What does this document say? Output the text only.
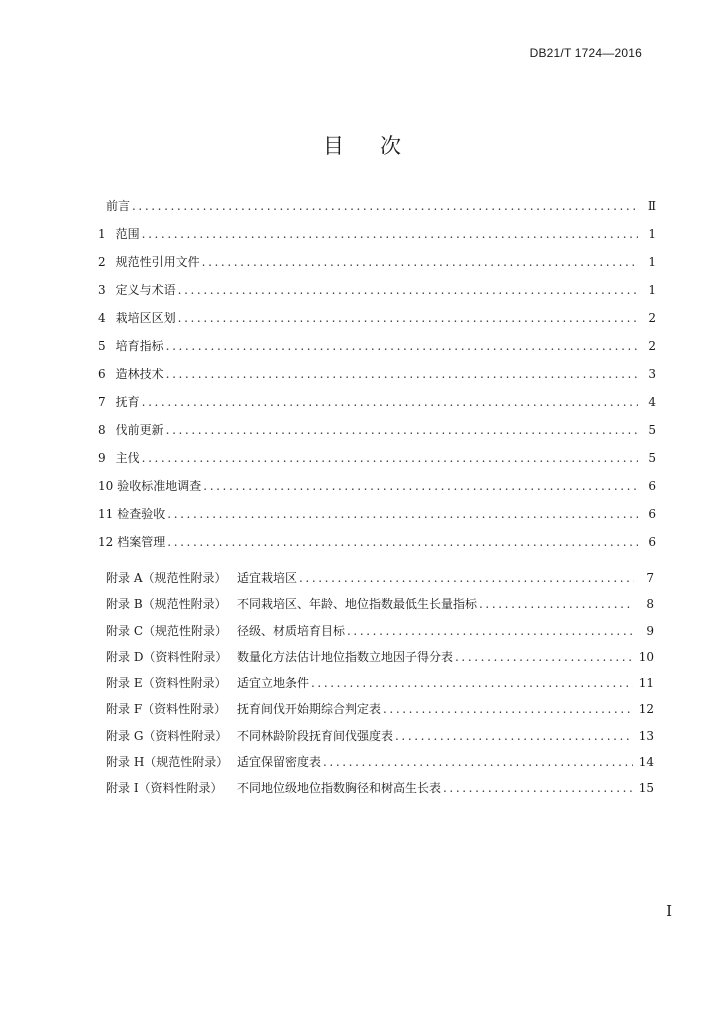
DB21/T 1724—2016
目 次
前言 .....	Ⅱ
1 范围 .....	1
2 规范性引用文件 .....	1
3 定义与术语 .....	1
4 栽培区区划 .....	2
5 培育指标 .....	2
6 造林技术 .....	3
7 抚育 .....	4
8 伐前更新 .....	5
9 主伐 .....	5
10 验收标准地调查 .....	6
11 检查验收 .....	6
12 档案管理 .....	6
附录 A（规范性附录） 适宜栽培区 .....	7
附录 B（规范性附录） 不同栽培区、年龄、地位指数最低生长量指标 .....	8
附录 C（规范性附录） 径级、材质培育目标 .....	9
附录 D（资料性附录） 数量化方法估计地位指数立地因子得分表 .....	10
附录 E（资料性附录） 适宜立地条件 .....	11
附录 F（资料性附录） 抚育间伐开始期综合判定表 .....	12
附录 G（资料性附录） 不同林龄阶段抚育间伐强度表 .....	13
附录 H（规范性附录） 适宜保留密度表 .....	14
附录 I（资料性附录） 不同地位级地位指数胸径和树高生长表 .....	15
I
